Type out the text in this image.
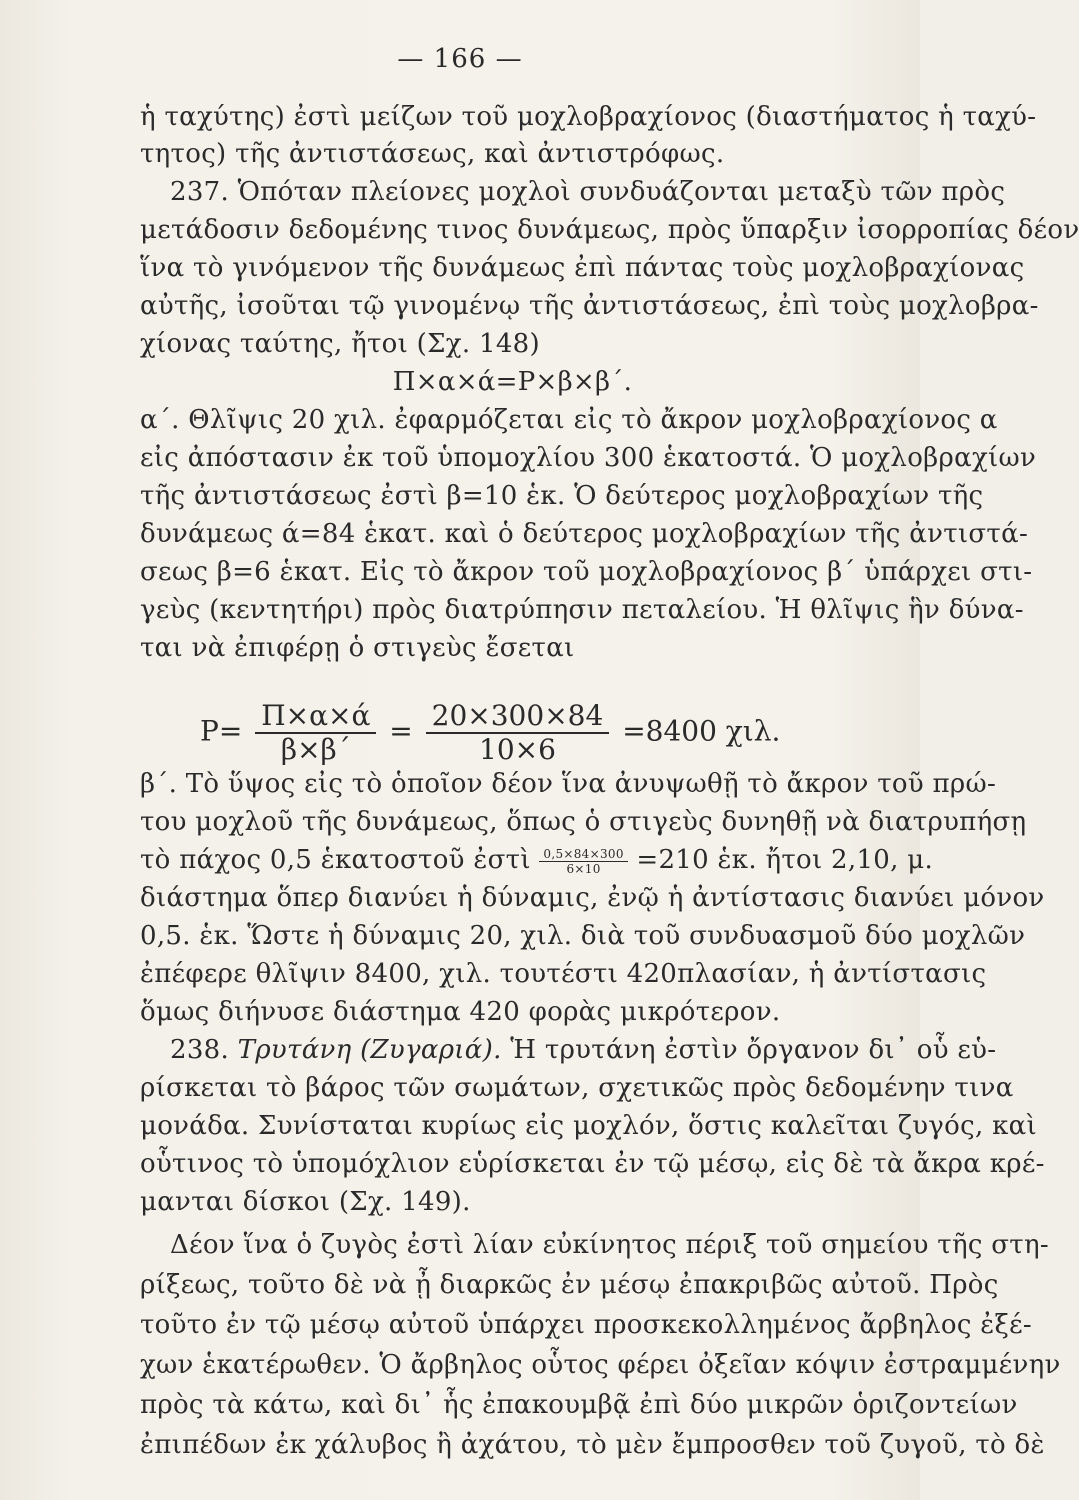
— 166 —
ἡ ταχύτης) ἐστὶ μείζων τοῦ μοχλοβραχίονος (διαστήματος ἡ ταχύ-
τητος) τῆς ἀντιστάσεως, καὶ ἀντιστρόφως.
237. Ὁπόταν πλείονες μοχλοὶ συνδυάζονται μεταξὺ τῶν πρὸς
μετάδοσιν δεδομένης τινος δυνάμεως, πρὸς ὕπαρξιν ἰσορροπίας δέον
ἵνα τὸ γινόμενον τῆς δυνάμεως ἐπὶ πάντας τοὺς μοχλοβραχίονας
αὐτῆς, ἰσοῦται τῷ γινομένῳ τῆς ἀντιστάσεως, ἐπὶ τοὺς μοχλοβρα-
χίονας ταύτης, ἤτοι (Σχ. 148)
Π×α×ά=Ρ×β×β΄.
α΄. Θλῖψις 20 χιλ. ἐφαρμόζεται εἰς τὸ ἄκρον μοχλοβραχίονος α
εἰς ἀπόστασιν ἐκ τοῦ ὑπομοχλίου 300 ἑκατοστά. Ὁ μοχλοβραχίων
τῆς ἀντιστάσεως ἐστὶ β=10 ἑκ. Ὁ δεύτερος μοχλοβραχίων τῆς
δυνάμεως ά=84 ἑκατ. καὶ ὁ δεύτερος μοχλοβραχίων τῆς ἀντιστά-
σεως β=6 ἑκατ. Εἰς τὸ ἄκρον τοῦ μοχλοβραχίονος β΄ ὑπάρχει στι-
γεὺς (κεντητήρι) πρὸς διατρύπησιν πεταλείου. Ἡ θλῖψις ἣν δύνα-
ται νὰ ἐπιφέρῃ ὁ στιγεὺς ἔσεται
$P= \frac{\Pi\times\alpha\times ά}{\beta\times\beta΄} = \frac{20\times 300\times 84}{10\times 6} =8400$ χιλ.
β΄. Τὸ ὕψος εἰς τὸ ὁποῖον δέον ἵνα ἀνυψωθῇ τὸ ἄκρον τοῦ πρώ-
του μοχλοῦ τῆς δυνάμεως, ὅπως ὁ στιγεὺς δυνηθῇ νὰ διατρυπήσῃ
τὸ πάχος 0,5 ἑκατοστοῦ ἐστὶ $\frac{0,5\times 84\times 300}{6\times 10} =210$ ἑκ. ἤτοι 2,10, μ.
διάστημα ὅπερ διανύει ἡ δύναμις, ἐνῷ ἡ ἀντίστασις διανύει μόνον
0,5. ἑκ. Ὥστε ἡ δύναμις 20, χιλ. διὰ τοῦ συνδυασμοῦ δύο μοχλῶν
ἐπέφερε θλῖψιν 8400, χιλ. τουτέστι 420πλασίαν, ἡ ἀντίστασις
ὅμως διήνυσε διάστημα 420 φορὰς μικρότερον.
238. Τρυτάνη (Ζυγαριά). Ἡ τρυτάνη ἐστὶν ὄργανον δι᾽ οὗ εὑ-
ρίσκεται τὸ βάρος τῶν σωμάτων, σχετικῶς πρὸς δεδομένην τινα
μονάδα. Συνίσταται κυρίως εἰς μοχλόν, ὅστις καλεῖται ζυγός, καὶ
οὗτινος τὸ ὑπομόχλιον εὑρίσκεται ἐν τῷ μέσῳ, εἰς δὲ τὰ ἄκρα κρέ-
μανται δίσκοι (Σχ. 149).
Δέον ἵνα ὁ ζυγὸς ἐστὶ λίαν εὐκίνητος πέριξ τοῦ σημείου τῆς στη-
ρίξεως, τοῦτο δὲ νὰ ᾖ διαρκῶς ἐν μέσῳ ἐπακριβῶς αὐτοῦ. Πρὸς
τοῦτο ἐν τῷ μέσῳ αὐτοῦ ὑπάρχει προσκεκολλημένος ἄρβηλος ἐξέ-
χων ἑκατέρωθεν. Ὁ ἄρβηλος οὗτος φέρει ὀξεῖαν κόψιν ἐστραμμένην
πρὸς τὰ κάτω, καὶ δι᾽ ἧς ἐπακουμβᾷ ἐπὶ δύο μικρῶν ὁριζοντείων
ἐπιπέδων ἐκ χάλυβος ἢ ἀχάτου, τὸ μὲν ἔμπροσθεν τοῦ ζυγοῦ, τὸ δὲ
